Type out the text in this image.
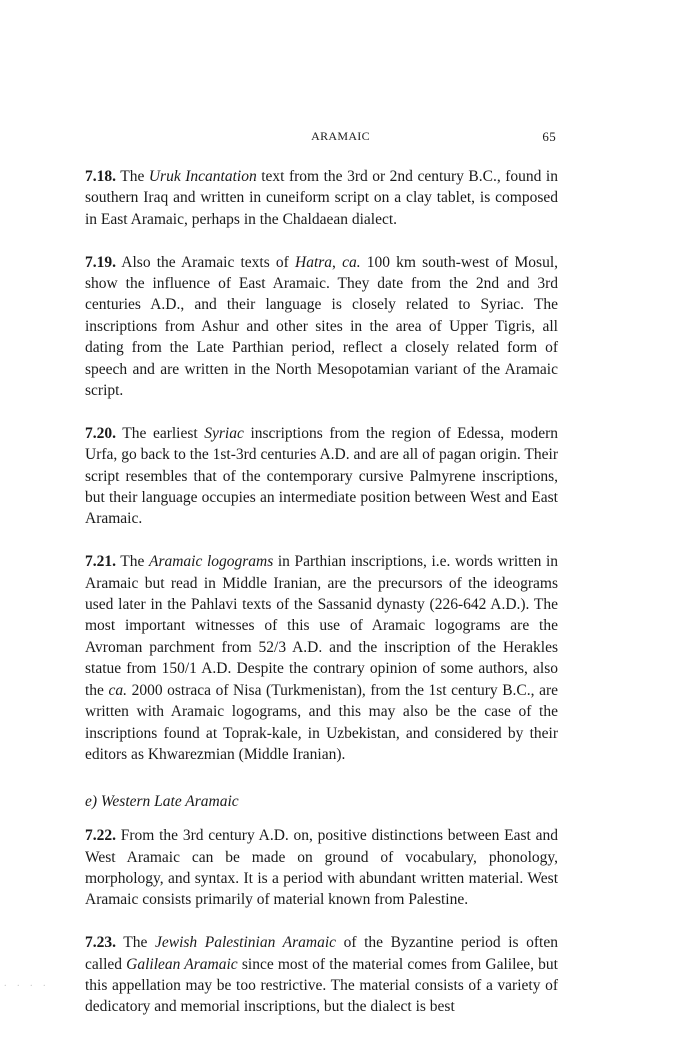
ARAMAIC	65

7.18. The Uruk Incantation text from the 3rd or 2nd century B.C., found in southern Iraq and written in cuneiform script on a clay tablet, is composed in East Aramaic, perhaps in the Chaldaean dialect.

7.19. Also the Aramaic texts of Hatra, ca. 100 km south-west of Mosul, show the influence of East Aramaic. They date from the 2nd and 3rd centuries A.D., and their language is closely related to Syriac. The inscriptions from Ashur and other sites in the area of Upper Tigris, all dating from the Late Parthian period, reflect a closely related form of speech and are written in the North Mesopotamian variant of the Aramaic script.

7.20. The earliest Syriac inscriptions from the region of Edessa, modern Urfa, go back to the 1st-3rd centuries A.D. and are all of pagan origin. Their script resembles that of the contemporary cursive Palmyrene inscriptions, but their language occupies an intermediate position between West and East Aramaic.

7.21. The Aramaic logograms in Parthian inscriptions, i.e. words written in Aramaic but read in Middle Iranian, are the precursors of the ideograms used later in the Pahlavi texts of the Sassanid dynasty (226-642 A.D.). The most important witnesses of this use of Aramaic logograms are the Avroman parchment from 52/3 A.D. and the inscription of the Herakles statue from 150/1 A.D. Despite the contrary opinion of some authors, also the ca. 2000 ostraca of Nisa (Turkmenistan), from the 1st century B.C., are written with Aramaic logograms, and this may also be the case of the inscriptions found at Toprak-kale, in Uzbekistan, and considered by their editors as Khwarezmian (Middle Iranian).

e) Western Late Aramaic

7.22. From the 3rd century A.D. on, positive distinctions between East and West Aramaic can be made on ground of vocabulary, phonology, morphology, and syntax. It is a period with abundant written material. West Aramaic consists primarily of material known from Palestine.

7.23. The Jewish Palestinian Aramaic of the Byzantine period is often called Galilean Aramaic since most of the material comes from Galilee, but this appellation may be too restrictive. The material consists of a variety of dedicatory and memorial inscriptions, but the dialect is best

. . . .
